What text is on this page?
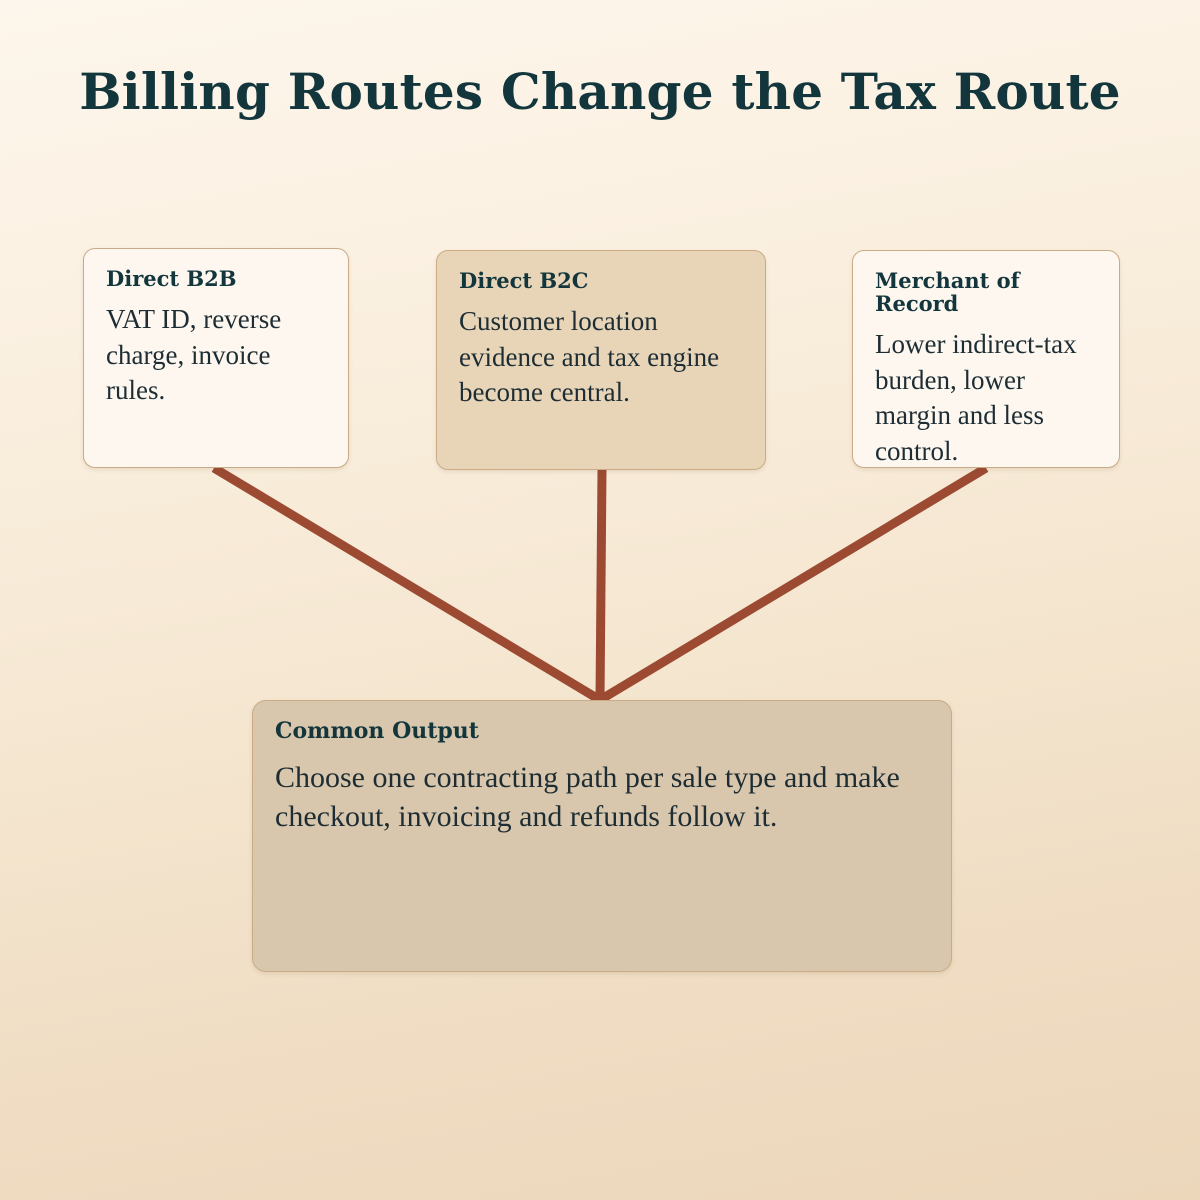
Billing Routes Change the Tax Route
Direct B2B
VAT ID, reverse charge, invoice rules.
Direct B2C
Customer location evidence and tax engine become central.
Merchant of Record
Lower indirect-tax burden, lower margin and less control.
Common Output
Choose one contracting path per sale type and make checkout, invoicing and refunds follow it.
